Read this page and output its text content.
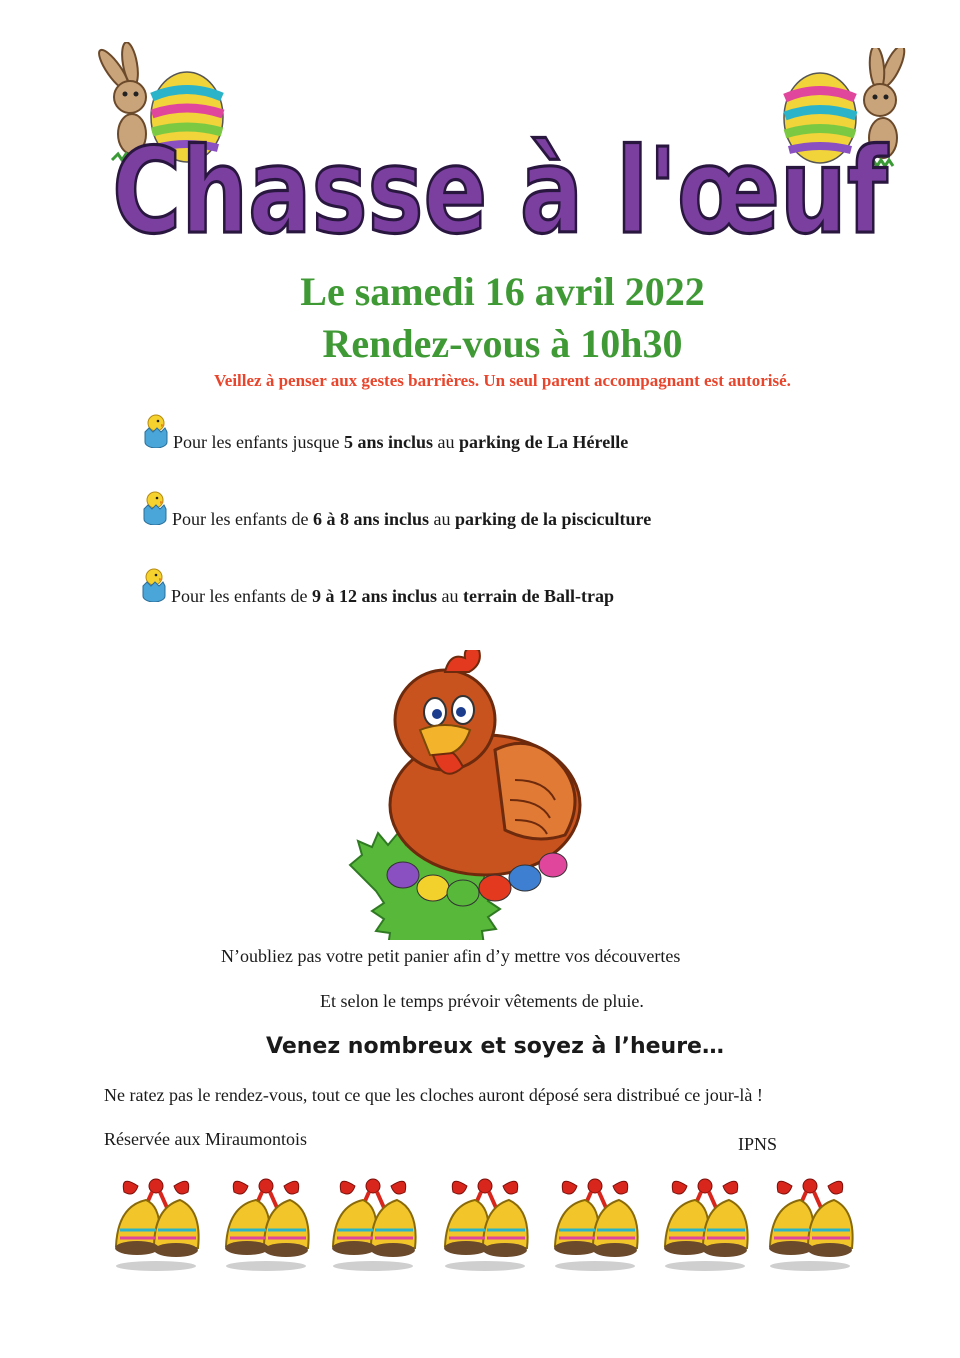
Chasse à l'œuf
Le samedi 16 avril 2022
Rendez-vous à 10h30
Veillez à penser aux gestes barrières. Un seul parent accompagnant est autorisé.
Pour les enfants jusque 5 ans inclus au parking de La Hérelle
Pour les enfants de 6 à 8 ans inclus au parking de la pisciculture
Pour les enfants de 9 à 12 ans inclus au terrain de Ball-trap
N’oubliez pas votre petit panier afin d’y mettre vos découvertes
Et selon le temps prévoir vêtements de pluie.
Venez nombreux et soyez à l’heure…
Ne ratez pas le rendez-vous, tout ce que les cloches auront déposé sera distribué ce jour-là !
Réservée aux Miraumontois	IPNS
